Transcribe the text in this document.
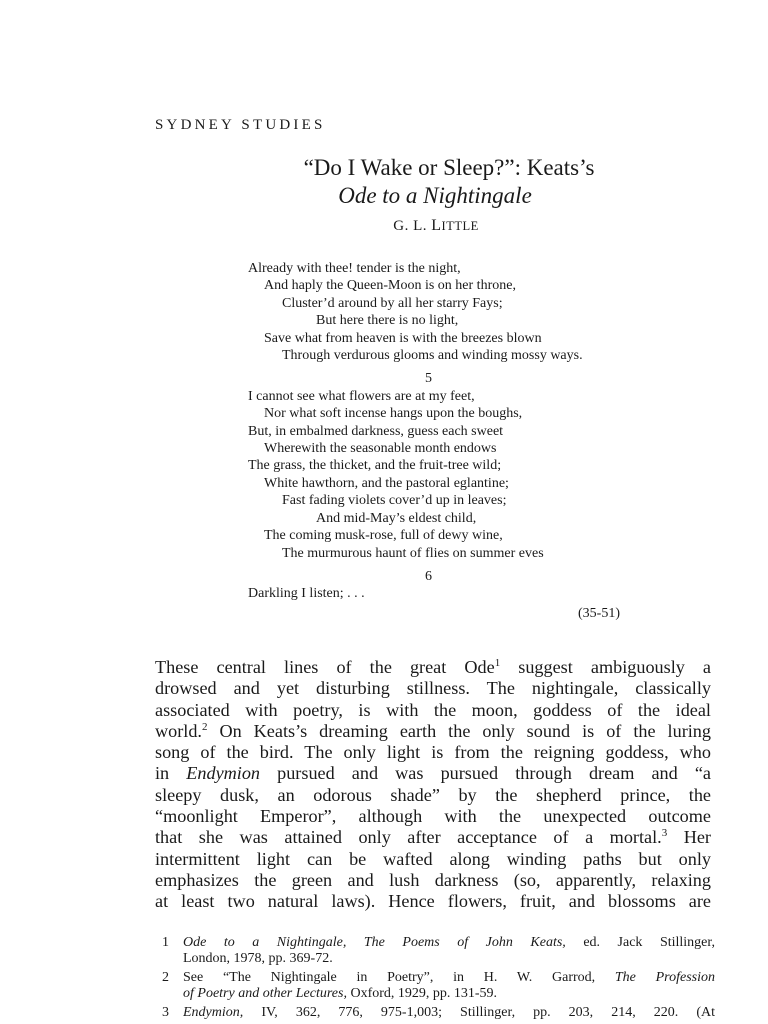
SYDNEY STUDIES
“Do I Wake or Sleep?”: Keats’s
Ode to a Nightingale
G. L. LITTLE
Already with thee! tender is the night,
And haply the Queen-Moon is on her throne,
Cluster’d around by all her starry Fays;
But here there is no light,
Save what from heaven is with the breezes blown
Through verdurous glooms and winding mossy ways.
5
I cannot see what flowers are at my feet,
Nor what soft incense hangs upon the boughs,
But, in embalmed darkness, guess each sweet
Wherewith the seasonable month endows
The grass, the thicket, and the fruit-tree wild;
White hawthorn, and the pastoral eglantine;
Fast fading violets cover’d up in leaves;
And mid-May’s eldest child,
The coming musk-rose, full of dewy wine,
The murmurous haunt of flies on summer eves
6
Darkling I listen; . . .
(35-51)
These central lines of the great Ode$^1$ suggest ambiguously a
drowsed and yet disturbing stillness. The nightingale, classically
associated with poetry, is with the moon, goddess of the ideal
world.$^2$ On Keats’s dreaming earth the only sound is of the luring
song of the bird. The only light is from the reigning goddess, who
in Endymion pursued and was pursued through dream and “a
sleepy dusk, an odorous shade” by the shepherd prince, the
“moonlight Emperor”, although with the unexpected outcome
that she was attained only after acceptance of a mortal.$^3$ Her
intermittent light can be wafted along winding paths but only
emphasizes the green and lush darkness (so, apparently, relaxing
at least two natural laws). Hence flowers, fruit, and blossoms are
1 Ode to a Nightingale, The Poems of John Keats, ed. Jack Stillinger,
London, 1978, pp. 369-72.
2 See “The Nightingale in Poetry”, in H. W. Garrod, The Profession
of Poetry and other Lectures, Oxford, 1929, pp. 131-59.
3 Endymion, IV, 362, 776, 975-1,003; Stillinger, pp. 203, 214, 220. (At
